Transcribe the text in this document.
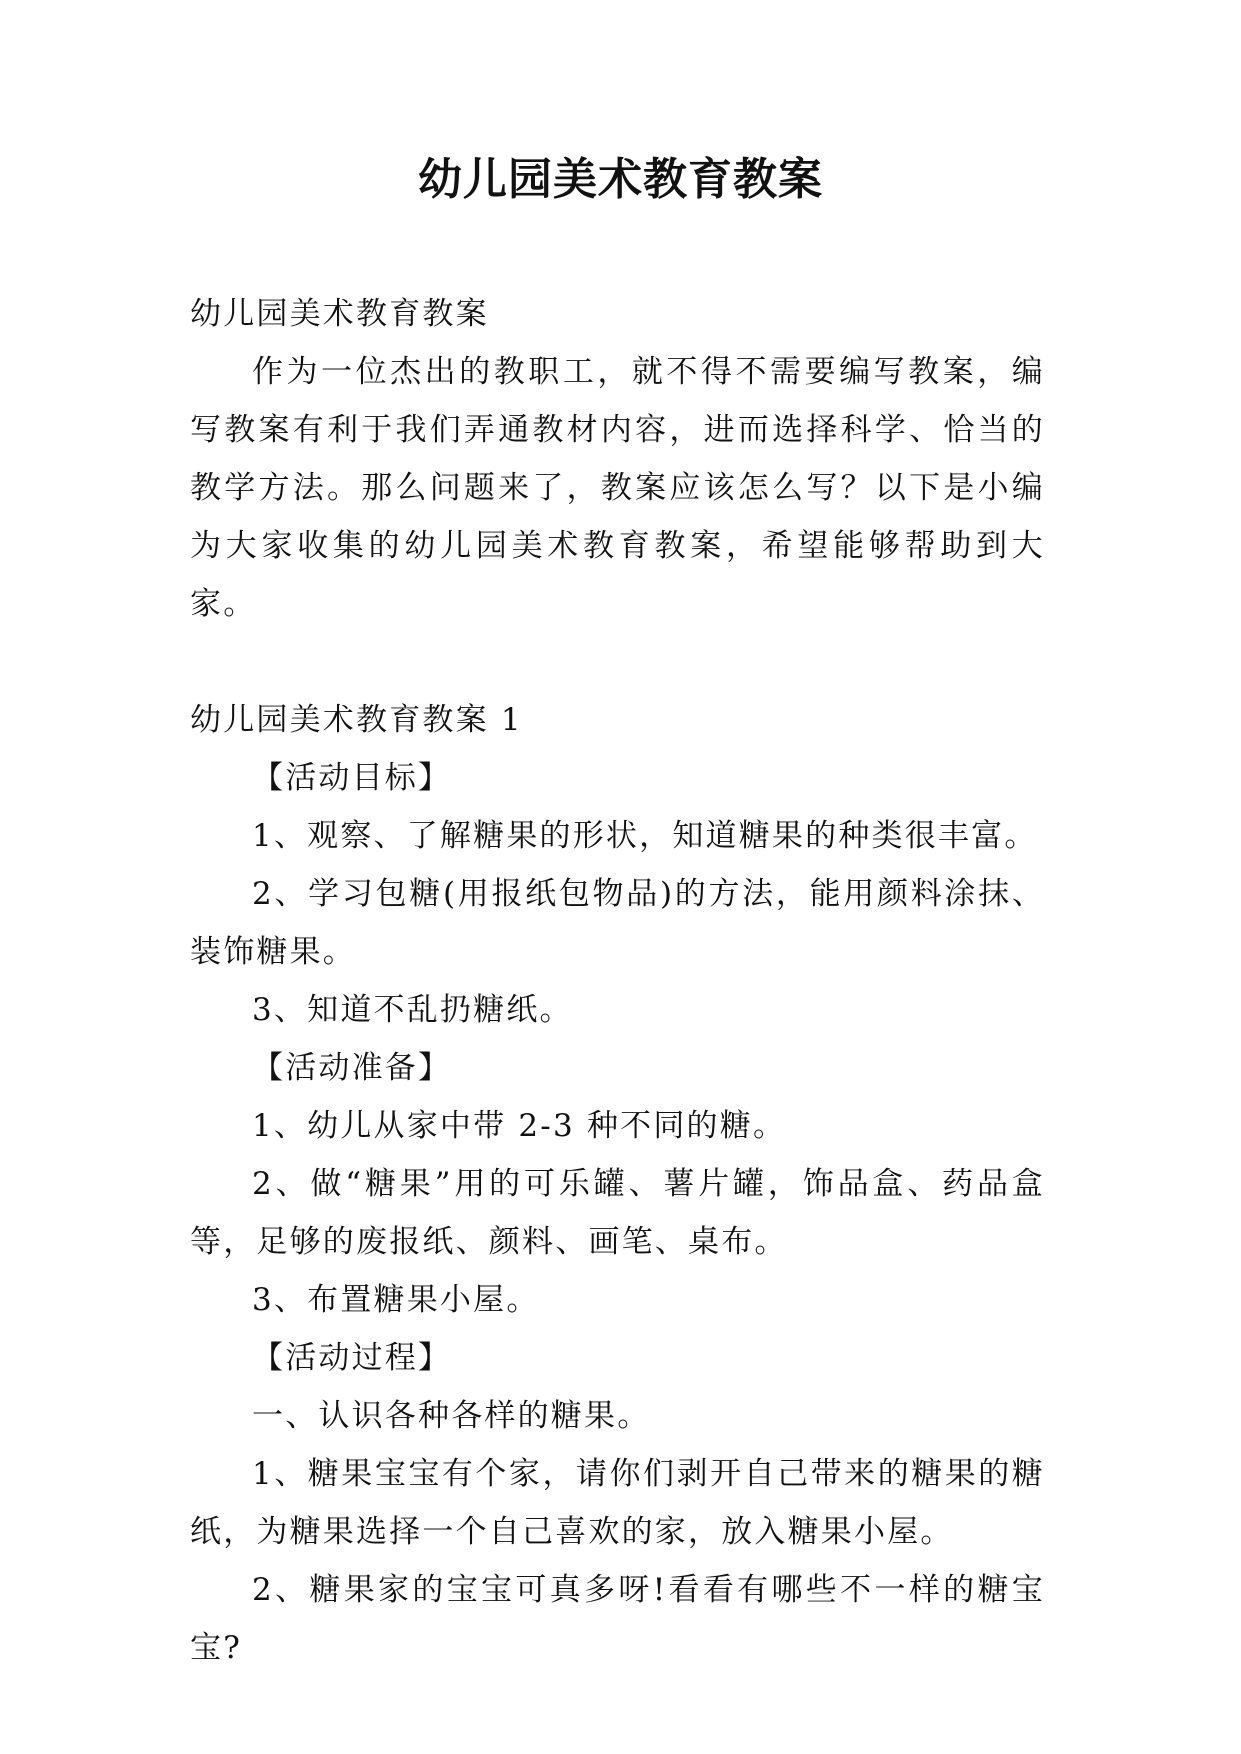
幼儿园美术教育教案

幼儿园美术教育教案

作为一位杰出的教职工，就不得不需要编写教案，编写教案有利于我们弄通教材内容，进而选择科学、恰当的教学方法。那么问题来了，教案应该怎么写？以下是小编为大家收集的幼儿园美术教育教案，希望能够帮助到大家。

幼儿园美术教育教案 1

【活动目标】

1、观察、了解糖果的形状，知道糖果的种类很丰富。

2、学习包糖(用报纸包物品)的方法，能用颜料涂抹、装饰糖果。

3、知道不乱扔糖纸。

【活动准备】

1、幼儿从家中带 2-3 种不同的糖。

2、做“糖果”用的可乐罐、薯片罐，饰品盒、药品盒等，足够的废报纸、颜料、画笔、桌布。

3、布置糖果小屋。

【活动过程】

一、认识各种各样的糖果。

1、糖果宝宝有个家，请你们剥开自己带来的糖果的糖纸，为糖果选择一个自己喜欢的家，放入糖果小屋。

2、糖果家的宝宝可真多呀!看看有哪些不一样的糖宝宝?
